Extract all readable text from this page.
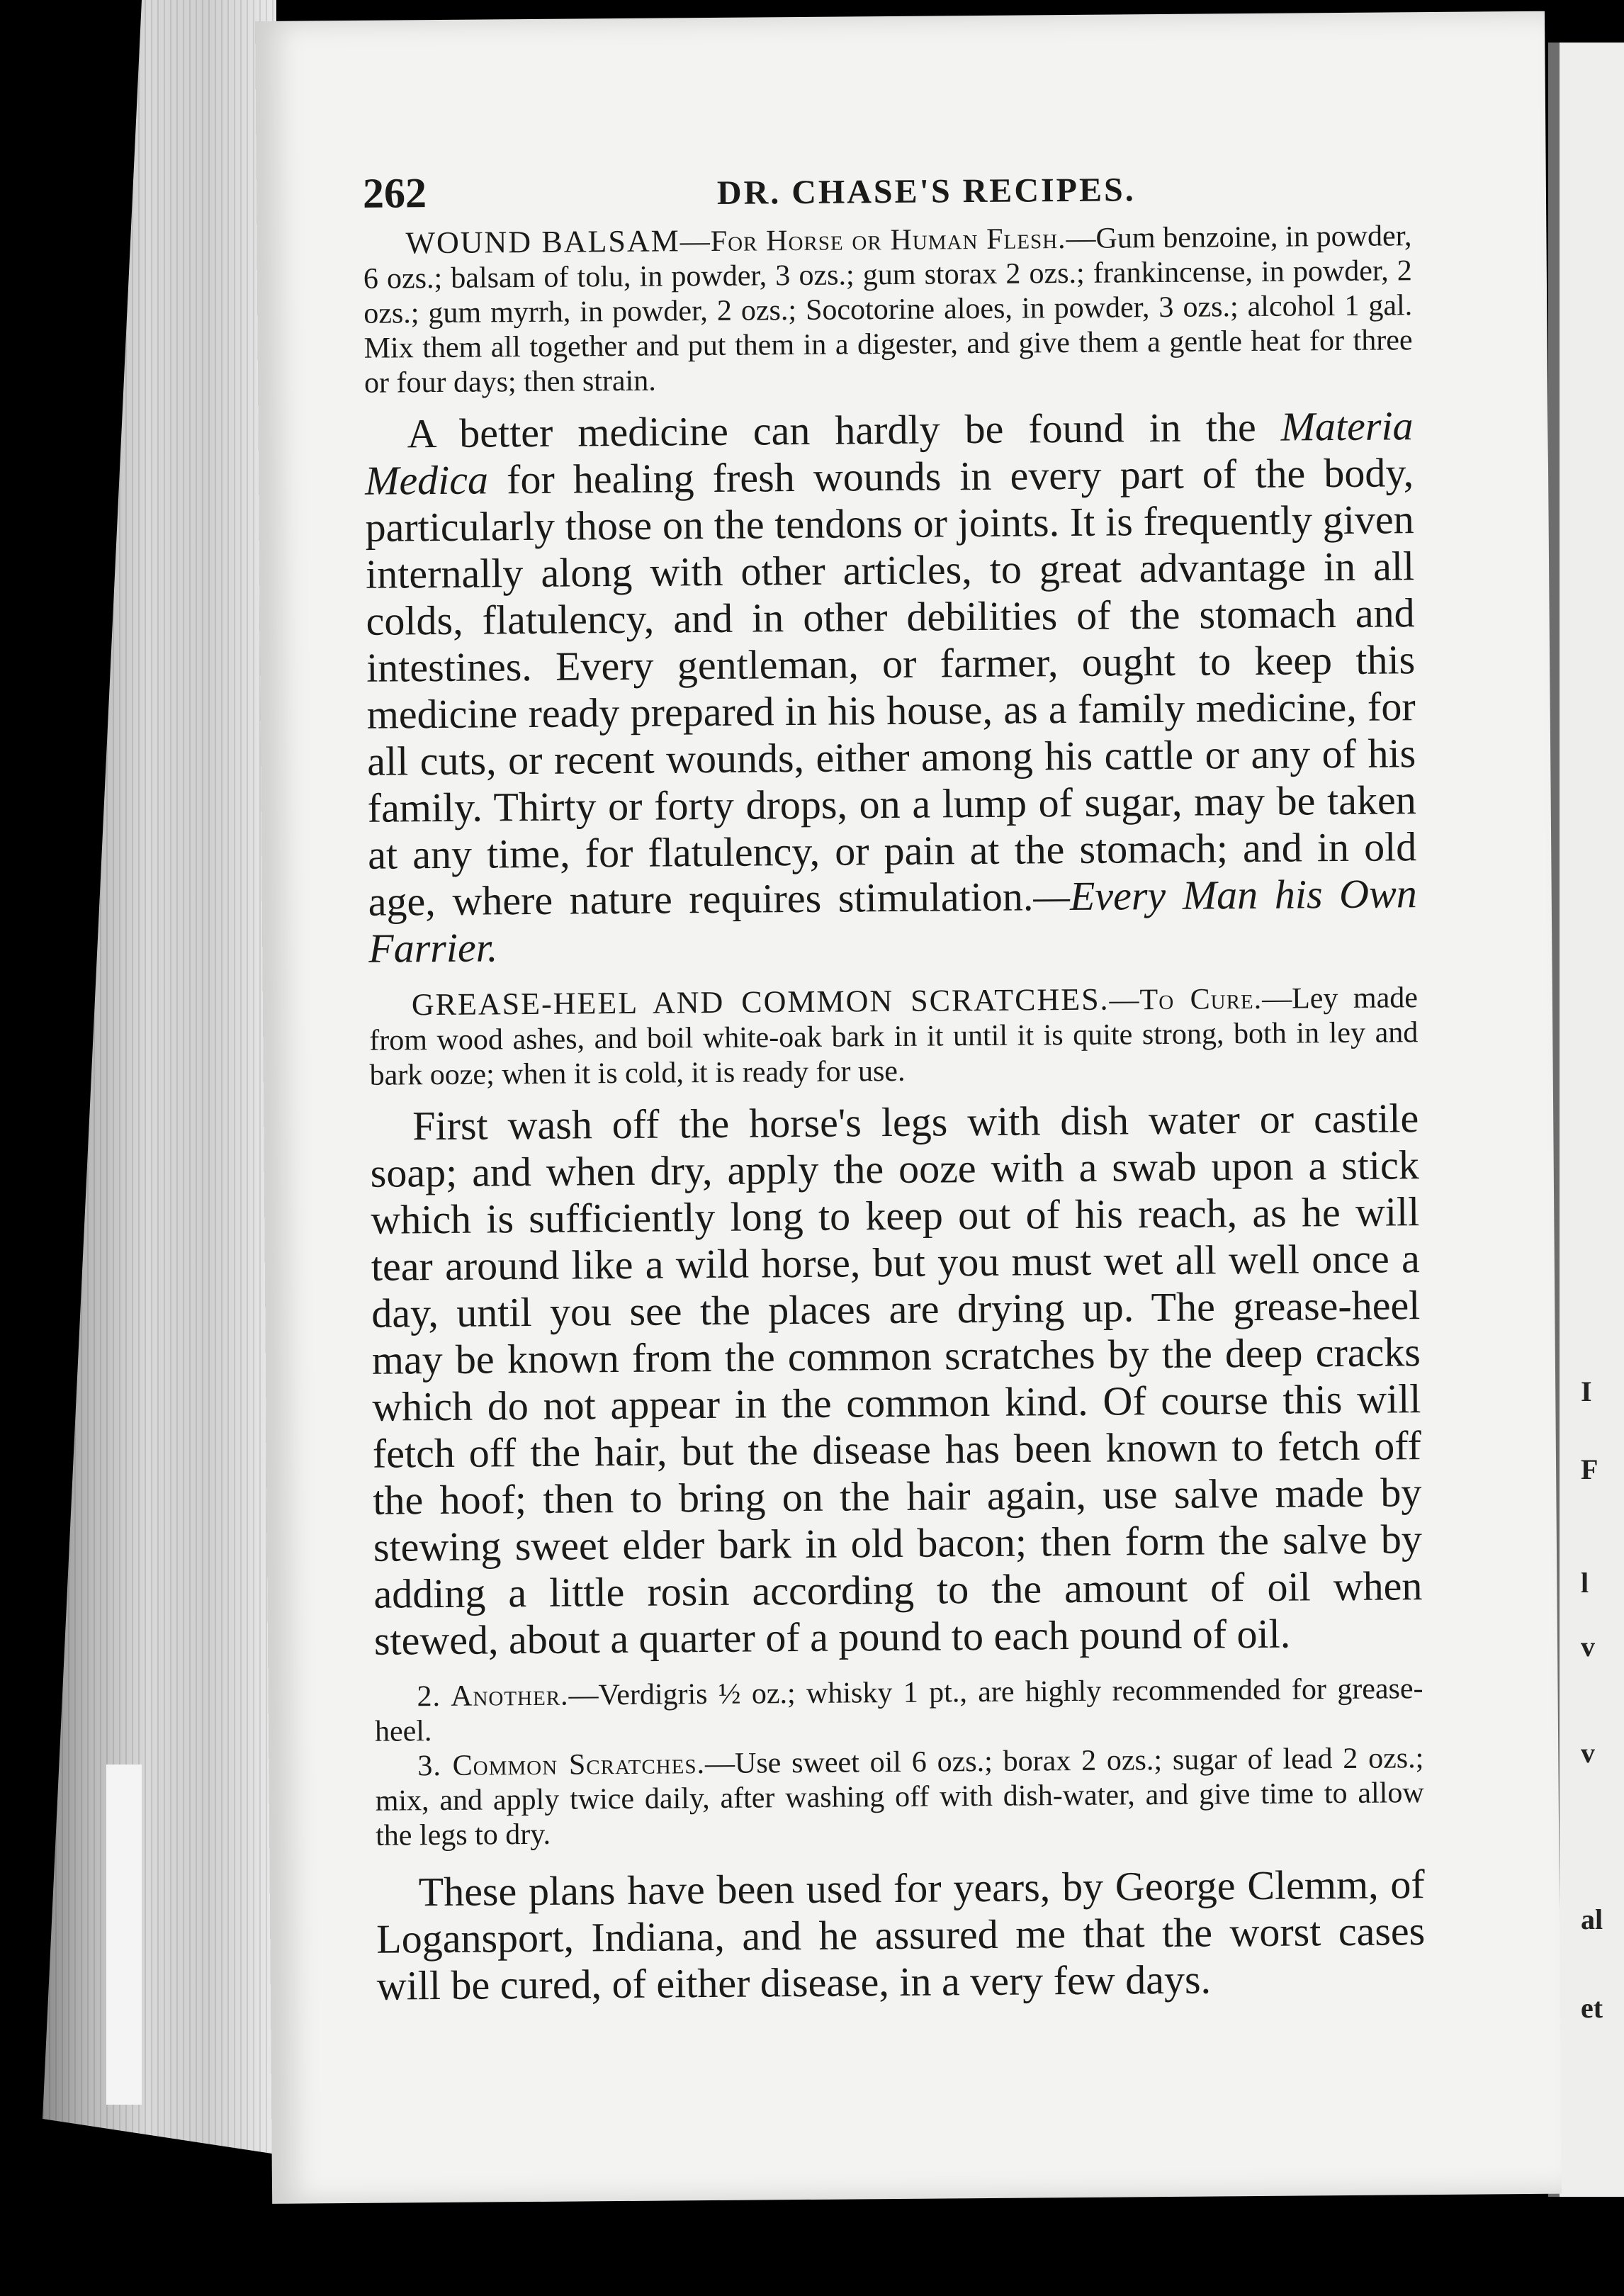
I
F
l
v
v
al
et
262	DR. CHASE'S RECIPES.

WOUND BALSAM—For Horse or Human Flesh.—Gum benzoine, in powder, 6 ozs.; balsam of tolu, in powder, 3 ozs.; gum storax 2 ozs.; frankincense, in powder, 2 ozs.; gum myrrh, in powder, 2 ozs.; Socotorine aloes, in powder, 3 ozs.; alcohol 1 gal. Mix them all together and put them in a digester, and give them a gentle heat for three or four days; then strain.

A better medicine can hardly be found in the Materia Medica for healing fresh wounds in every part of the body, particularly those on the tendons or joints. It is frequently given internally along with other articles, to great advantage in all colds, flatulency, and in other debilities of the stomach and intestines. Every gentleman, or farmer, ought to keep this medicine ready prepared in his house, as a family medicine, for all cuts, or recent wounds, either among his cattle or any of his family. Thirty or forty drops, on a lump of sugar, may be taken at any time, for flatulency, or pain at the stomach; and in old age, where nature requires stimulation.—Every Man his Own Farrier.

GREASE-HEEL AND COMMON SCRATCHES.—To Cure.—Ley made from wood ashes, and boil white-oak bark in it until it is quite strong, both in ley and bark ooze; when it is cold, it is ready for use.

First wash off the horse's legs with dish water or castile soap; and when dry, apply the ooze with a swab upon a stick which is sufficiently long to keep out of his reach, as he will tear around like a wild horse, but you must wet all well once a day, until you see the places are drying up. The grease-heel may be known from the common scratches by the deep cracks which do not appear in the common kind. Of course this will fetch off the hair, but the disease has been known to fetch off the hoof; then to bring on the hair again, use salve made by stewing sweet elder bark in old bacon; then form the salve by adding a little rosin according to the amount of oil when stewed, about a quarter of a pound to each pound of oil.

2. Another.—Verdigris ½ oz.; whisky 1 pt., are highly recommended for grease-heel.

3. Common Scratches.—Use sweet oil 6 ozs.; borax 2 ozs.; sugar of lead 2 ozs.; mix, and apply twice daily, after washing off with dish-water, and give time to allow the legs to dry.

These plans have been used for years, by George Clemm, of Logansport, Indiana, and he assured me that the worst cases will be cured, of either disease, in a very few days.
